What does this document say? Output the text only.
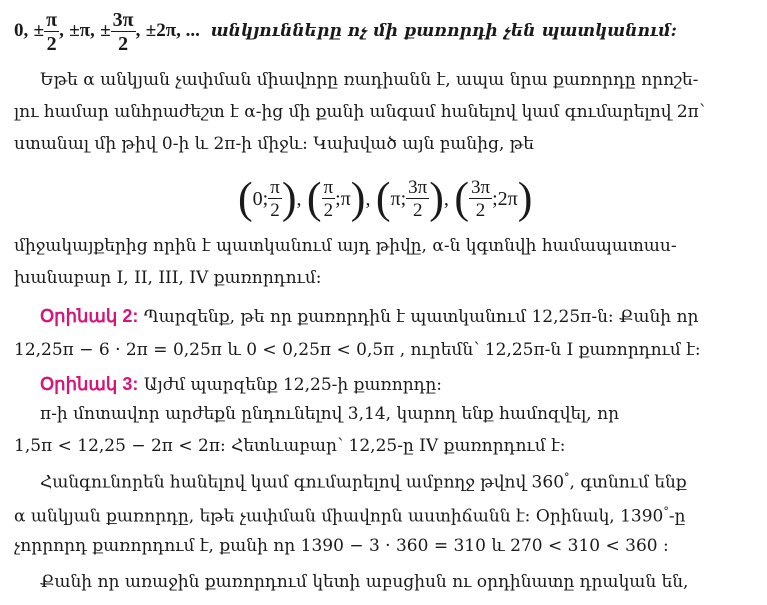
0, ± $\frac{\pi}{2}$ , ±π, ± $\frac{3\pi}{2}$ , ±2π, ... անկյունները ոչ մի քառորդի չեն պատկանում:
Եթե α անկյան չափման միավորը ռադիանն է, ապա նրա քառորդը որոշե-
լու համար անհրաժեշտ է α-ից մի քանի անգամ հանելով կամ գումարելով 2π՝
ստանալ մի թիվ 0-ի և 2π-ի միջև: Կախված այն բանից, թե
(0; $\frac{\pi}{2}$ ), ( $\frac{\pi}{2}$ ;π), (π; $\frac{3\pi}{2}$ ), ( $\frac{3\pi}{2}$ ;2π)
միջակայքերից որին է պատկանում այդ թիվը, α-ն կգտնվի համապատաս-
խանաբար I, II, III, IV քառորդում:
Օրինակ 2: Պարզենք, թե որ քառորդին է պատկանում 12,25π-ն: Քանի որ
12,25π − 6 · 2π = 0,25π և 0 < 0,25π < 0,5π , ուրեմն՝ 12,25π-ն I քառորդում է:
Օրինակ 3: Այժմ պարզենք 12,25-ի քառորդը:
π-ի մոտավոր արժեքն ընդունելով 3,14, կարող ենք համոզվել, որ
1,5π < 12,25 − 2π < 2π: Հետևաբար՝ 12,25-ը IV քառորդում է:
Հանգունորեն հանելով կամ գումարելով ամբողջ թվով 360°, գտնում ենք
α անկյան քառորդը, եթե չափման միավորն աստիճանն է: Օրինակ, 1390°-ը
չորրորդ քառորդում է, քանի որ 1390 − 3 · 360 = 310 և 270 < 310 < 360 :
Քանի որ առաջին քառորդում կետի աբսցիսն ու օրդինատը դրական են,
